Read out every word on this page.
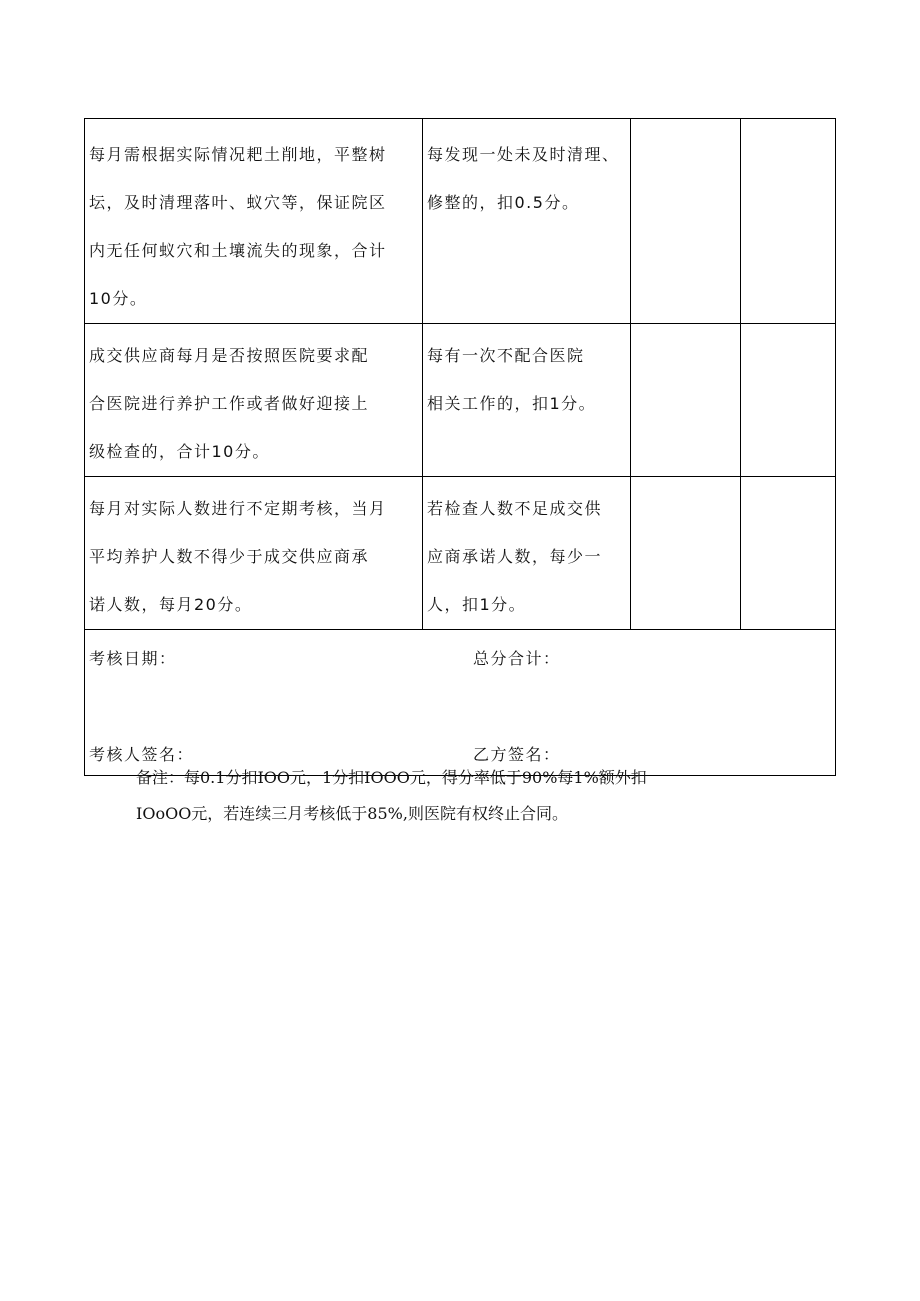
每月需根据实际情况耙土削地，平整树
坛，及时清理落叶、蚁穴等，保证院区
内无任何蚁穴和土壤流失的现象，合计
10分。	每发现一处未及时清理、
修整的，扣0.5分。		

成交供应商每月是否按照医院要求配
合医院进行养护工作或者做好迎接上
级检查的，合计10分。	每有一次不配合医院
相关工作的，扣1分。		

每月对实际人数进行不定期考核，当月
平均养护人数不得少于成交供应商承
诺人数，每月20分。	若检查人数不足成交供
应商承诺人数，每少一
人，扣1分。		

考核日期： 总分合计：
考核人签名： 乙方签名：			
备注：每0.1分扣IOO元，1分扣IOOO元，得分率低于90%每1%额外扣
IOoOO元，若连续三月考核低于85%,则医院有权终止合同。
